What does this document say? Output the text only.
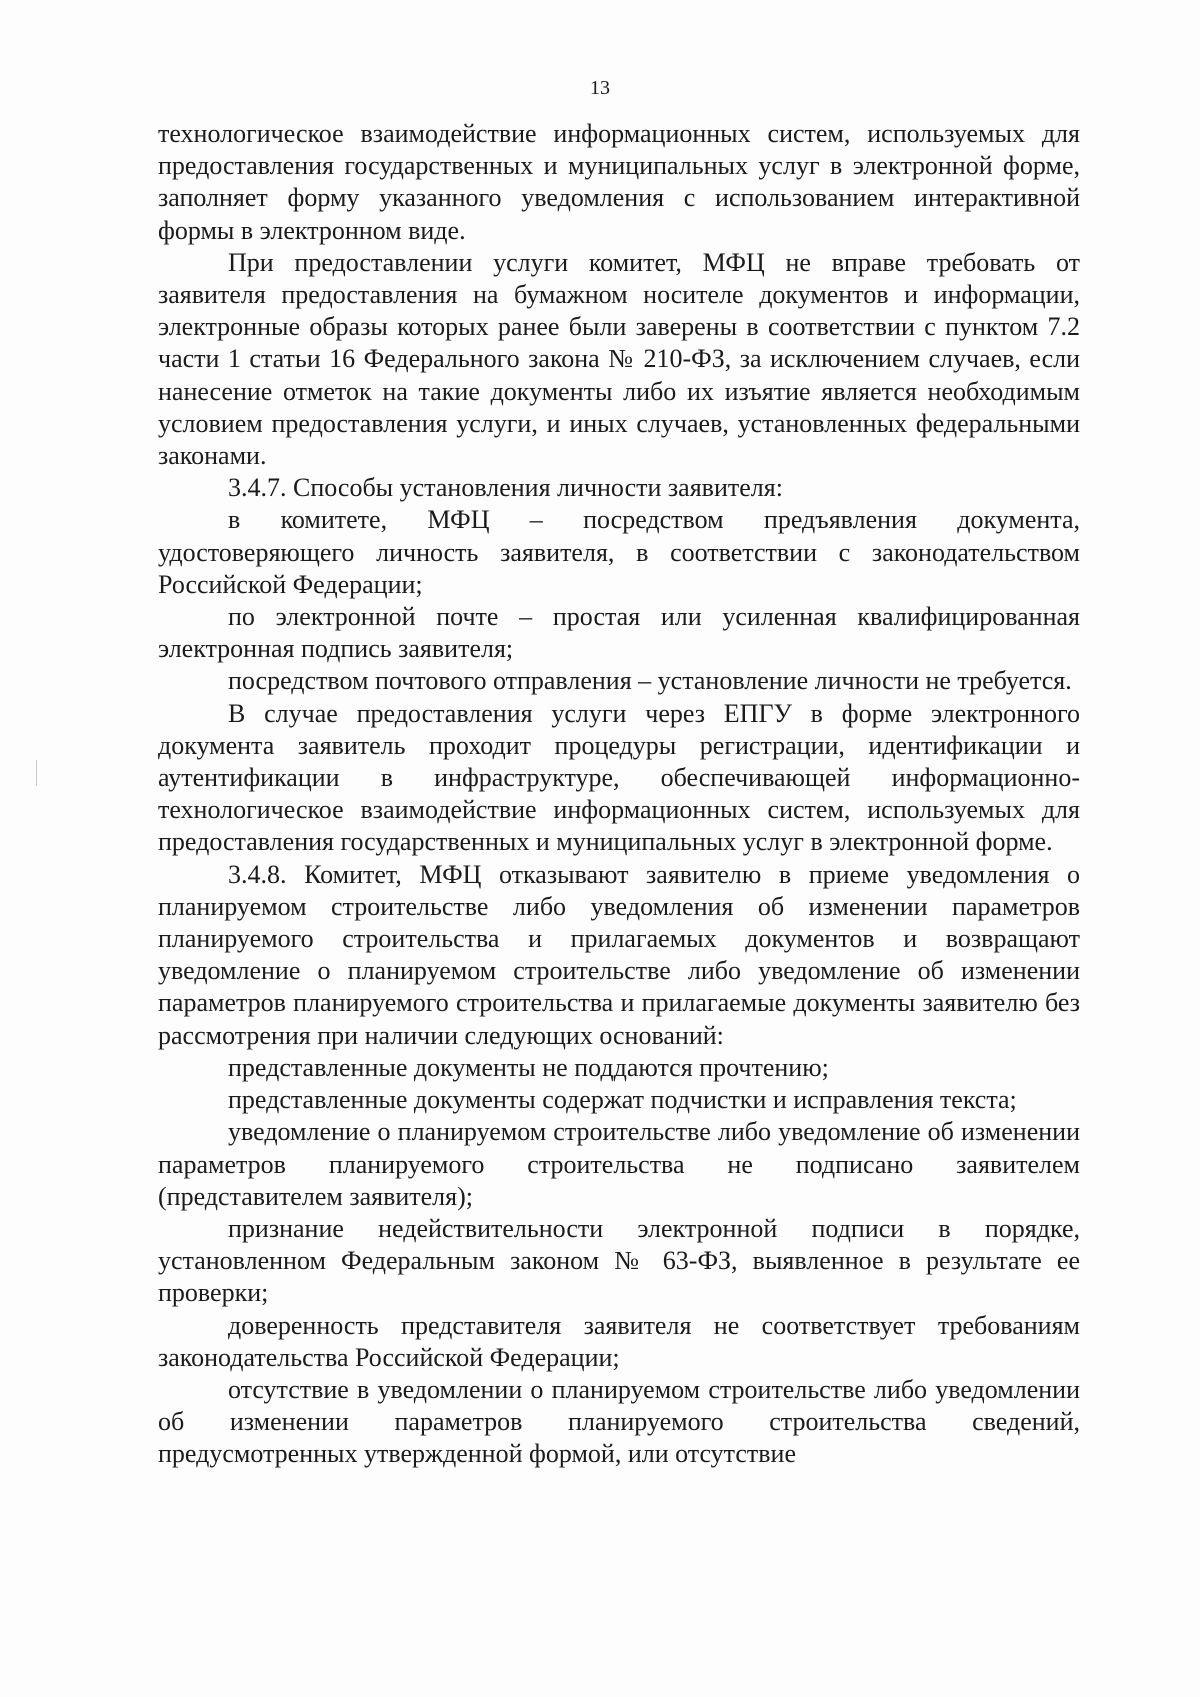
13

технологическое взаимодействие информационных систем, используемых для предоставления государственных и муниципальных услуг в электронной форме, заполняет форму указанного уведомления с использованием интерактивной формы в электронном виде.

При предоставлении услуги комитет, МФЦ не вправе требовать от заявителя предоставления на бумажном носителе документов и информации, электронные образы которых ранее были заверены в соответствии с пунктом 7.2 части 1 статьи 16 Федерального закона № 210-ФЗ, за исключением случаев, если нанесение отметок на такие документы либо их изъятие является необходимым условием предоставления услуги, и иных случаев, установленных федеральными законами.

3.4.7. Способы установления личности заявителя:

в комитете, МФЦ – посредством предъявления документа, удостоверяющего личность заявителя, в соответствии с законодательством Российской Федерации;

по электронной почте – простая или усиленная квалифицированная электронная подпись заявителя;

посредством почтового отправления – установление личности не требуется.

В случае предоставления услуги через ЕПГУ в форме электронного документа заявитель проходит процедуры регистрации, идентификации и аутентификации в инфраструктуре, обеспечивающей информационно-технологическое взаимодействие информационных систем, используемых для предоставления государственных и муниципальных услуг в электронной форме.

3.4.8. Комитет, МФЦ отказывают заявителю в приеме уведомления о планируемом строительстве либо уведомления об изменении параметров планируемого строительства и прилагаемых документов и возвращают уведомление о планируемом строительстве либо уведомление об изменении параметров планируемого строительства и прилагаемые документы заявителю без рассмотрения при наличии следующих оснований:

представленные документы не поддаются прочтению;

представленные документы содержат подчистки и исправления текста;

уведомление о планируемом строительстве либо уведомление об изменении параметров планируемого строительства не подписано заявителем (представителем заявителя);

признание недействительности электронной подписи в порядке, установленном Федеральным законом № 63-ФЗ, выявленное в результате ее проверки;

доверенность представителя заявителя не соответствует требованиям законодательства Российской Федерации;

отсутствие в уведомлении о планируемом строительстве либо уведомлении об изменении параметров планируемого строительства сведений, предусмотренных утвержденной формой, или отсутствие
